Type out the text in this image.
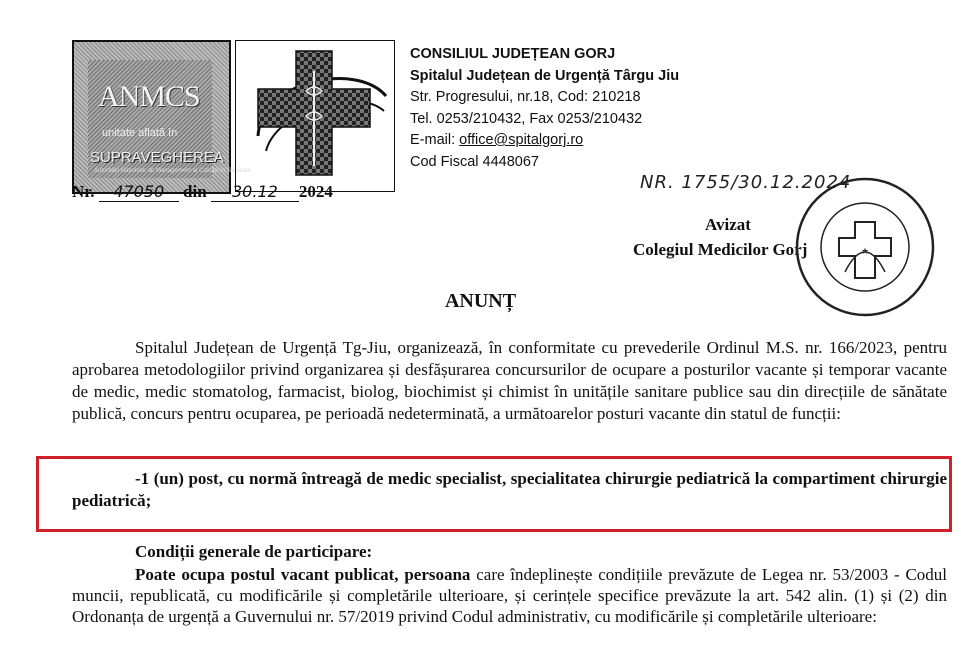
ANMCS
unitate aflată în
SUPRAVEGHEREA
Autorității Naționale de Management al Calității în Sănătate
CONSILIUL JUDEȚEAN GORJ
Spitalul Județean de Urgență Târgu Jiu
Str. Progresului, nr.18, Cod: 210218
Tel. 0253/210432, Fax 0253/210432
E-mail: office@spitalgorj.ro
Cod Fiscal 4448067
Nr. 47050 din 30.12 2024	NR. 1755/30.12.2024
Avizat
Colegiul Medicilor Gorj	★
ANUNȚ
Spitalul Județean de Urgență Tg-Jiu, organizează, în conformitate cu prevederile Ordinul M.S. nr. 166/2023, pentru aprobarea metodologiilor privind organizarea și desfășurarea concursurilor de ocupare a posturilor vacante și temporar vacante de medic, medic stomatolog, farmacist, biolog, biochimist și chimist în unitățile sanitare publice sau din direcțiile de sănătate publică, concurs pentru ocuparea, pe perioadă nedeterminată, a următoarelor posturi vacante din statul de funcții:
-1 (un) post, cu normă întreagă de medic specialist, specialitatea chirurgie pediatrică la compartiment chirurgie pediatrică;
Condiții generale de participare:
Poate ocupa postul vacant publicat, persoana care îndeplinește condițiile prevăzute de Legea nr. 53/2003 - Codul muncii, republicată, cu modificările și completările ulterioare, și cerințele specifice prevăzute la art. 542 alin. (1) și (2) din Ordonanța de urgență a Guvernului nr. 57/2019 privind Codul administrativ, cu modificările și completările ulterioare:
